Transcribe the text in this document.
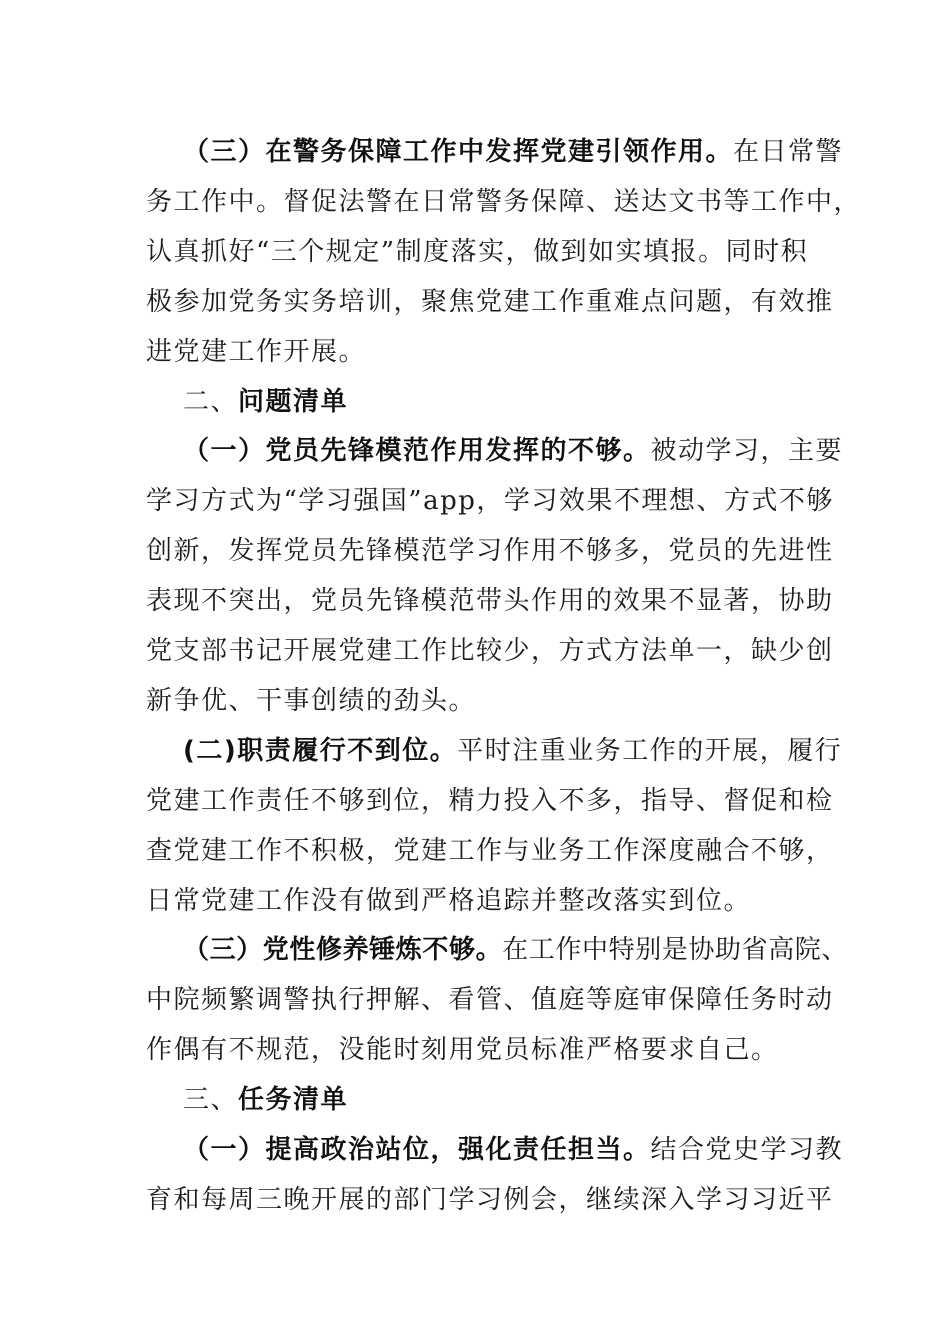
（三）在警务保障工作中发挥党建引领作用。在日常警
务工作中。督促法警在日常警务保障、送达文书等工作中，
认真抓好“三个规定”制度落实，做到如实填报。同时积
极参加党务实务培训，聚焦党建工作重难点问题，有效推
进党建工作开展。
二、问题清单
（一）党员先锋模范作用发挥的不够。被动学习，主要
学习方式为“学习强国”app，学习效果不理想、方式不够
创新，发挥党员先锋模范学习作用不够多，党员的先进性
表现不突出，党员先锋模范带头作用的效果不显著，协助
党支部书记开展党建工作比较少，方式方法单一，缺少创
新争优、干事创绩的劲头。
(二)职责履行不到位。平时注重业务工作的开展，履行
党建工作责任不够到位，精力投入不多，指导、督促和检
查党建工作不积极，党建工作与业务工作深度融合不够，
日常党建工作没有做到严格追踪并整改落实到位。
（三）党性修养锤炼不够。在工作中特别是协助省高院、
中院频繁调警执行押解、看管、值庭等庭审保障任务时动
作偶有不规范，没能时刻用党员标准严格要求自己。
三、任务清单
（一）提高政治站位，强化责任担当。结合党史学习教
育和每周三晚开展的部门学习例会，继续深入学习习近平
